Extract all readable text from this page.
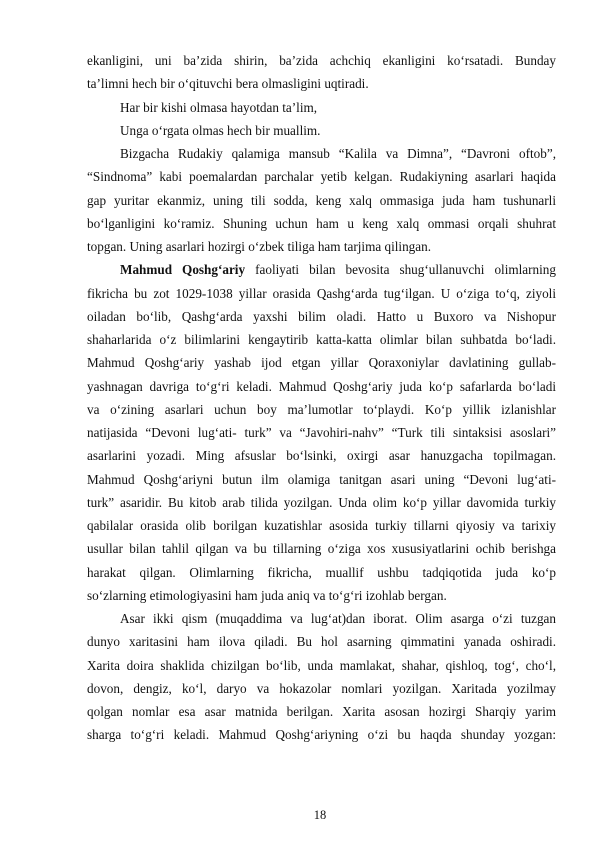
ekanligini, uni ba’zida shirin, ba’zida achchiq ekanligini ko‘rsatadi. Bunday
ta’limni hech bir o‘qituvchi bera olmasligini uqtiradi.
Har bir kishi olmasa hayotdan ta’lim,
Unga o‘rgata olmas hech bir muallim.
Bizgacha Rudakiy qalamiga mansub “Kalila va Dimna”, “Davroni oftob”,
“Sindnoma” kabi poemalardan parchalar yetib kelgan. Rudakiyning asarlari haqida
gap yuritar ekanmiz, uning tili sodda, keng xalq ommasiga juda ham tushunarli
bo‘lganligini ko‘ramiz. Shuning uchun ham u keng xalq ommasi orqali shuhrat
topgan. Uning asarlari hozirgi o‘zbek tiliga ham tarjima qilingan.
Mahmud Qoshg‘ariy faoliyati bilan bevosita shug‘ullanuvchi olimlarning
fikricha bu zot 1029-1038 yillar orasida Qashg‘arda tug‘ilgan. U o‘ziga to‘q, ziyoli
oiladan bo‘lib, Qashg‘arda yaxshi bilim oladi. Hatto u Buxoro va Nishopur
shaharlarida o‘z bilimlarini kengaytirib katta-katta olimlar bilan suhbatda bo‘ladi.
Mahmud Qoshg‘ariy yashab ijod etgan yillar Qoraxoniylar davlatining gullab-
yashnagan davriga to‘g‘ri keladi. Mahmud Qoshg‘ariy juda ko‘p safarlarda bo‘ladi
va o‘zining asarlari uchun boy ma’lumotlar to‘playdi. Ko‘p yillik izlanishlar
natijasida “Devoni lug‘ati- turk” va “Javohiri-nahv” “Turk tili sintaksisi asoslari”
asarlarini yozadi. Ming afsuslar bo‘lsinki, oxirgi asar hanuzgacha topilmagan.
Mahmud Qoshg‘ariyni butun ilm olamiga tanitgan asari uning “Devoni lug‘ati-
turk” asaridir. Bu kitob arab tilida yozilgan. Unda olim ko‘p yillar davomida turkiy
qabilalar orasida olib borilgan kuzatishlar asosida turkiy tillarni qiyosiy va tarixiy
usullar bilan tahlil qilgan va bu tillarning o‘ziga xos xususiyatlarini ochib berishga
harakat qilgan. Olimlarning fikricha, muallif ushbu tadqiqotida juda ko‘p
so‘zlarning etimologiyasini ham juda aniq va to‘g‘ri izohlab bergan.
Asar ikki qism (muqaddima va lug‘at)dan iborat. Olim asarga o‘zi tuzgan
dunyo xaritasini ham ilova qiladi. Bu hol asarning qimmatini yanada oshiradi.
Xarita doira shaklida chizilgan bo‘lib, unda mamlakat, shahar, qishloq, tog‘, cho‘l,
dovon, dengiz, ko‘l, daryo va hokazolar nomlari yozilgan. Xaritada yozilmay
qolgan nomlar esa asar matnida berilgan. Xarita asosan hozirgi Sharqiy yarim
sharga to‘g‘ri keladi. Mahmud Qoshg‘ariyning o‘zi bu haqda shunday yozgan:
18
